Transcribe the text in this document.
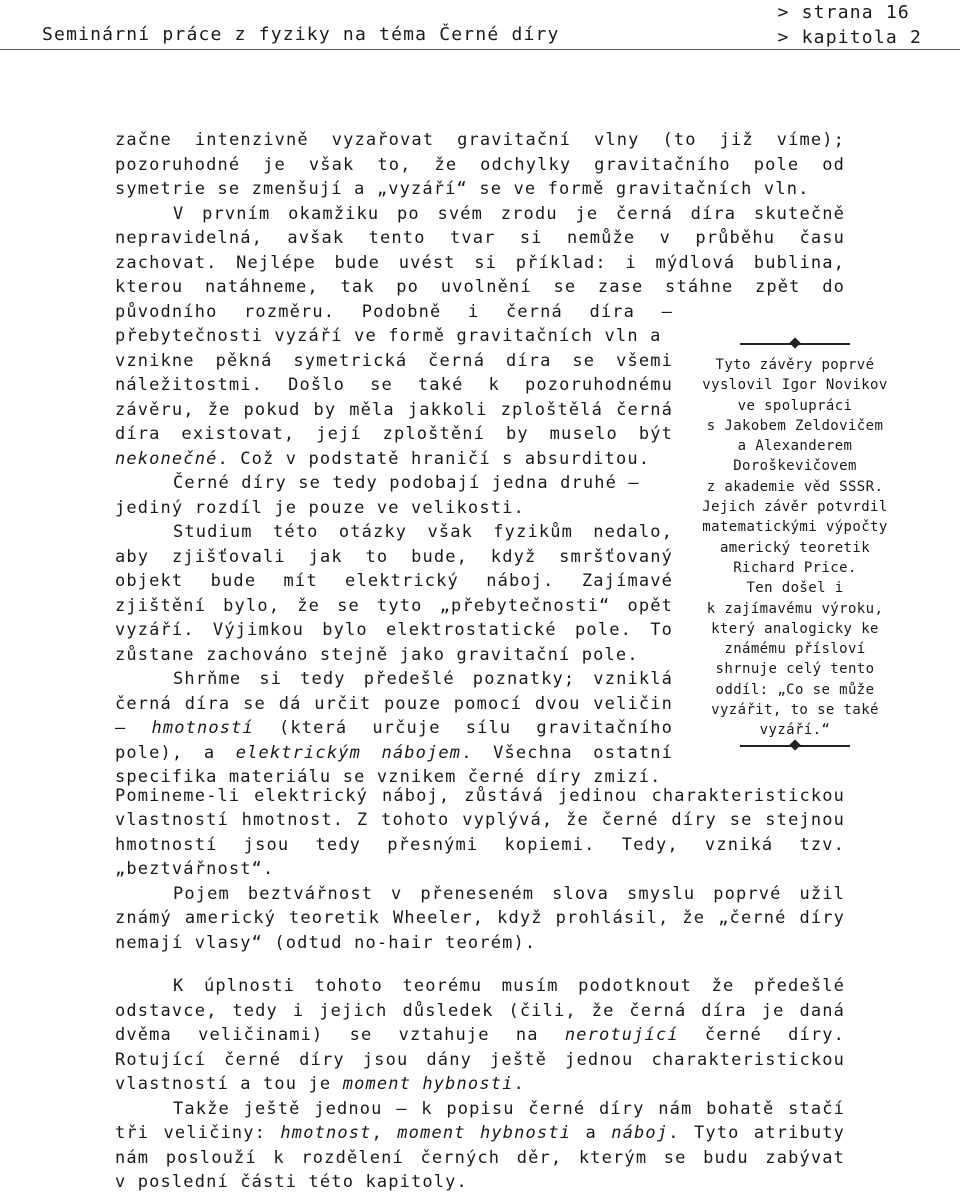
Seminární práce z fyziky na téma Černé díry
> strana 16
> kapitola 2
začne intenzivně vyzařovat gravitační vlny (to již víme);
pozoruhodné je však to, že odchylky gravitačního pole od
symetrie se zmenšují a „vyzáří“ se ve formě gravitačních vln.
V prvním okamžiku po svém zrodu je černá díra skutečně
nepravidelná, avšak tento tvar si nemůže v průběhu času
zachovat. Nejlépe bude uvést si příklad: i mýdlová bublina,
kterou natáhneme, tak po uvolnění se zase stáhne zpět do
původního rozměru. Podobně i černá díra –
přebytečnosti vyzáří ve formě gravitačních vln a
vznikne pěkná symetrická černá díra se všemi
náležitostmi. Došlo se také k pozoruhodnému
závěru, že pokud by měla jakkoli zploštělá černá
díra existovat, její zploštění by muselo být
nekonečné. Což v podstatě hraničí s absurditou.
Černé díry se tedy podobají jedna druhé –
jediný rozdíl je pouze ve velikosti.
Studium této otázky však fyzikům nedalo,
aby zjišťovali jak to bude, když smršťovaný
objekt bude mít elektrický náboj. Zajímavé
zjištění bylo, že se tyto „přebytečnosti“ opět
vyzáří. Výjimkou bylo elektrostatické pole. To
zůstane zachováno stejně jako gravitační pole.
Shrňme si tedy předešlé poznatky; vzniklá
černá díra se dá určit pouze pomocí dvou veličin
– hmotností (která určuje sílu gravitačního
pole), a elektrickým nábojem. Všechna ostatní
specifika materiálu se vznikem černé díry zmizí.
Pomineme-li elektrický náboj, zůstává jedinou charakteristickou
vlastností hmotnost. Z tohoto vyplývá, že černé díry se stejnou
hmotností jsou tedy přesnými kopiemi. Tedy, vzniká tzv.
„beztvářnost“.
Pojem beztvářnost v přeneseném slova smyslu poprvé užil
známý americký teoretik Wheeler, když prohlásil, že „černé díry
nemají vlasy“ (odtud no-hair teorém).
K úplnosti tohoto teorému musím podotknout že předešlé
odstavce, tedy i jejich důsledek (čili, že černá díra je daná
dvěma veličinami) se vztahuje na nerotující černé díry.
Rotující černé díry jsou dány ještě jednou charakteristickou
vlastností a tou je moment hybnosti.
Takže ještě jednou – k popisu černé díry nám bohatě stačí
tři veličiny: hmotnost, moment hybnosti a náboj. Tyto atributy
nám poslouží k rozdělení černých děr, kterým se budu zabývat
v poslední části této kapitoly.
Tyto závěry poprvé
vyslovil Igor Novikov
ve spolupráci
s Jakobem Zeldovičem
a Alexanderem
Doroškevičovem
z akademie věd SSSR.
Jejich závěr potvrdil
matematickými výpočty
americký teoretik
Richard Price.
Ten došel i
k zajímavému výroku,
který analogicky ke
známému přísloví
shrnuje celý tento
oddíl: „Co se může
vyzářit, to se také
vyzáří.“
